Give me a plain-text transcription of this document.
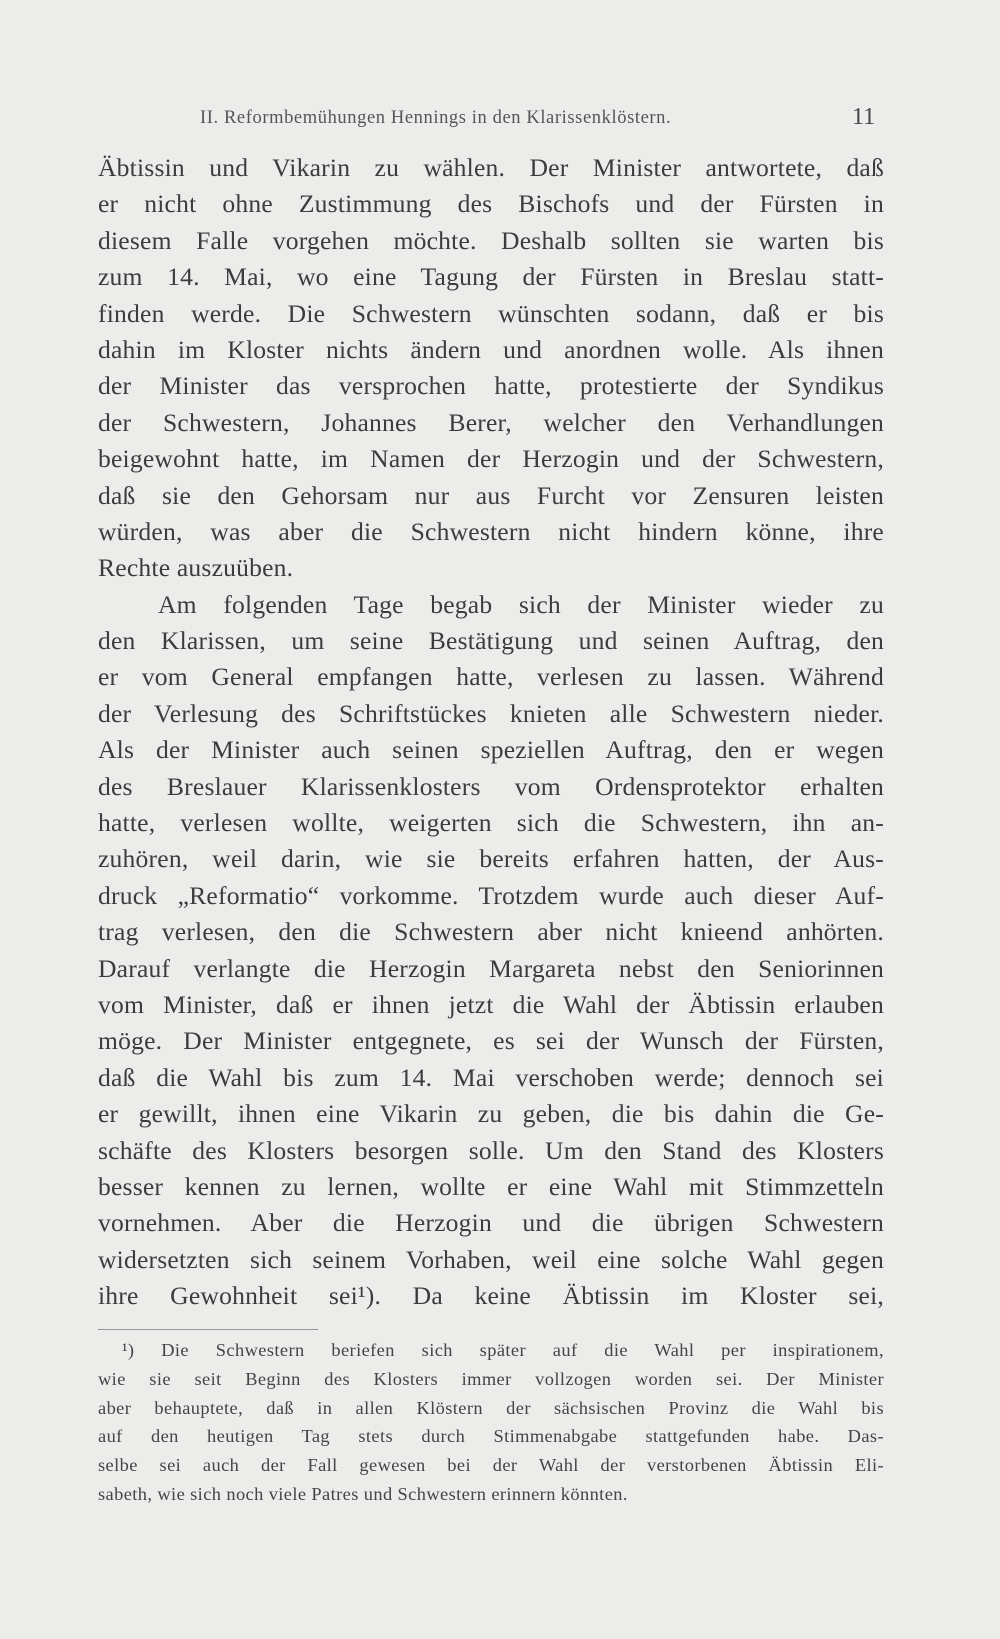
II. Reformbemühungen Hennings in den Klarissenklöstern.	11
Äbtissin und Vikarin zu wählen. Der Minister antwortete, daß
er nicht ohne Zustimmung des Bischofs und der Fürsten in
diesem Falle vorgehen möchte. Deshalb sollten sie warten bis
zum 14. Mai, wo eine Tagung der Fürsten in Breslau statt-
finden werde. Die Schwestern wünschten sodann, daß er bis
dahin im Kloster nichts ändern und anordnen wolle. Als ihnen
der Minister das versprochen hatte, protestierte der Syndikus
der Schwestern, Johannes Berer, welcher den Verhandlungen
beigewohnt hatte, im Namen der Herzogin und der Schwestern,
daß sie den Gehorsam nur aus Furcht vor Zensuren leisten
würden, was aber die Schwestern nicht hindern könne, ihre
Rechte auszuüben.
Am folgenden Tage begab sich der Minister wieder zu
den Klarissen, um seine Bestätigung und seinen Auftrag, den
er vom General empfangen hatte, verlesen zu lassen. Während
der Verlesung des Schriftstückes knieten alle Schwestern nieder.
Als der Minister auch seinen speziellen Auftrag, den er wegen
des Breslauer Klarissenklosters vom Ordensprotektor erhalten
hatte, verlesen wollte, weigerten sich die Schwestern, ihn an-
zuhören, weil darin, wie sie bereits erfahren hatten, der Aus-
druck „Reformatio“ vorkomme. Trotzdem wurde auch dieser Auf-
trag verlesen, den die Schwestern aber nicht knieend anhörten.
Darauf verlangte die Herzogin Margareta nebst den Seniorinnen
vom Minister, daß er ihnen jetzt die Wahl der Äbtissin erlauben
möge. Der Minister entgegnete, es sei der Wunsch der Fürsten,
daß die Wahl bis zum 14. Mai verschoben werde; dennoch sei
er gewillt, ihnen eine Vikarin zu geben, die bis dahin die Ge-
schäfte des Klosters besorgen solle. Um den Stand des Klosters
besser kennen zu lernen, wollte er eine Wahl mit Stimmzetteln
vornehmen. Aber die Herzogin und die übrigen Schwestern
widersetzten sich seinem Vorhaben, weil eine solche Wahl gegen
ihre Gewohnheit sei¹). Da keine Äbtissin im Kloster sei,
¹) Die Schwestern beriefen sich später auf die Wahl per inspirationem,
wie sie seit Beginn des Klosters immer vollzogen worden sei. Der Minister
aber behauptete, daß in allen Klöstern der sächsischen Provinz die Wahl bis
auf den heutigen Tag stets durch Stimmenabgabe stattgefunden habe. Das-
selbe sei auch der Fall gewesen bei der Wahl der verstorbenen Äbtissin Eli-
sabeth, wie sich noch viele Patres und Schwestern erinnern könnten.
